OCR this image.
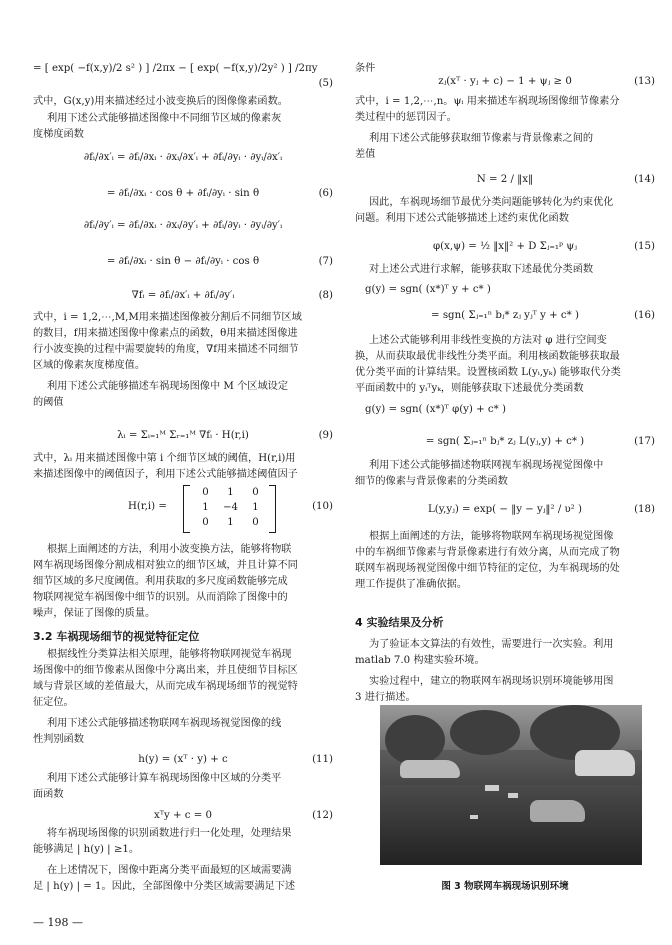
H(r,i) =
0	1	0
1	−4	1
0	1	0
(10)
— 198 —
= [ exp( −f(x,y)/2 s² ) ] /2πx − [ exp( −f(x,y)/2y² ) ] /2πy
式中，G(x,y)用来描述经过小波变换后的图像像素函数。
利用下述公式能够描述图像中不同细节区域的像素灰
度梯度函数
式中，i = 1,2,⋯,M,M用来描述图像被分割后不同细节区域
的数目，f用来描述图像中像素点的函数，θ用来描述图像进
行小波变换的过程中需要旋转的角度，∇f用来描述不同细节
区域的像素灰度梯度值。
利用下述公式能够描述车祸现场图像中 M 个区域设定
的阈值
式中，λᵢ 用来描述图像中第 i 个细节区域的阈值，H(r,i)用
来描述图像中的阈值因子，利用下述公式能够描述阈值因子
根据上面阐述的方法，利用小波变换方法，能够将物联
网车祸现场图像分割成相对独立的细节区域，并且计算不同
细节区域的多尺度阈值。利用获取的多尺度函数能够完成
物联网视觉车祸图像中细节的识别。从而消除了图像中的
噪声，保证了图像的质量。
根据线性分类算法相关原理，能够将物联网视觉车祸现
场图像中的细节像素从图像中分离出来，并且使细节目标区
域与背景区域的差值最大，从而完成车祸现场细节的视觉特
征定位。
利用下述公式能够描述物联网车祸现场视觉图像的线
性判别函数
利用下述公式能够计算车祸现场图像中区域的分类平
面函数
将车祸现场图像的识别函数进行归一化处理，处理结果
能够满足 | h(y) | ≥1。
在上述情况下，图像中距离分类平面最短的区域需要满
足 | h(y) | = 1。因此，全部图像中分类区域需要满足下述
(5)
∂fᵢ/∂x′ᵢ = ∂fᵢ/∂xᵢ · ∂xᵢ/∂x′ᵢ + ∂fᵢ/∂yᵢ · ∂yᵢ/∂x′ᵢ
= ∂fᵢ/∂xᵢ · cos θ + ∂fᵢ/∂yᵢ · sin θ	(6)
∂fᵢ/∂y′ᵢ = ∂fᵢ/∂xᵢ · ∂xᵢ/∂y′ᵢ + ∂fᵢ/∂yᵢ · ∂yᵢ/∂y′ᵢ
= ∂fᵢ/∂xᵢ · sin θ − ∂fᵢ/∂yᵢ · cos θ	(7)
∇fᵢ = ∂fᵢ/∂x′ᵢ + ∂fᵢ/∂y′ᵢ	(8)
λᵢ = Σᵢ₌₁ᴹ Σᵣ₌₁ᴹ ∇fᵢ · H(r,i)	(9)
h(y) = (xᵀ · y) + c	(11)
xᵀy + c = 0	(12)
3.2 车祸现场细节的视觉特征定位
图 3 物联网车祸现场识别环境
条件
式中，i = 1,2,⋯,n。ψᵢ 用来描述车祸现场图像细节像素分
类过程中的惩罚因子。
利用下述公式能够获取细节像素与背景像素之间的
差值
因此，车祸现场细节最优分类问题能够转化为约束优化
问题。利用下述公式能够描述上述约束优化函数
对上述公式进行求解，能够获取下述最优分类函数
上述公式能够利用非线性变换的方法对 φ 进行空间变
换，从而获取最优非线性分类平面。利用核函数能够获取最
优分类平面的计算结果。设置核函数 L(yᵢ,yₖ) 能够取代分类
平面函数中的 yᵢᵀyₖ，则能够获取下述最优分类函数
利用下述公式能够描述物联网视车祸现场视觉图像中
细节的像素与背景像素的分类函数
根据上面阐述的方法，能够将物联网车祸现场视觉图像
中的车祸细节像素与背景像素进行有效分离，从而完成了物
联网车祸现场视觉图像中细节特征的定位，为车祸现场的处
理工作提供了准确依据。
为了验证本文算法的有效性，需要进行一次实验。利用
matlab 7.0 构建实验环境。
实验过程中，建立的物联网车祸现场识别环境能够用图
3 进行描述。
zⱼ(xᵀ · yⱼ + c) − 1 + ψⱼ ≥ 0	(13)
N = 2 / ‖x‖	(14)
φ(x,ψ) = ½ ‖x‖² + D Σⱼ₌₁ᵖ ψⱼ	(15)
g(y) = sgn( (x*)ᵀ y + c* )
= sgn( Σⱼ₌₁ⁿ bⱼ* zⱼ yⱼᵀ y + c* )	(16)
g(y) = sgn( (x*)ᵀ φ(y) + c* )
= sgn( Σⱼ₌₁ⁿ bⱼ* zⱼ L(yⱼ,y) + c* )	(17)
L(y,yⱼ) = exp( − ‖y − yⱼ‖² / υ² )	(18)
4 实验结果及分析
